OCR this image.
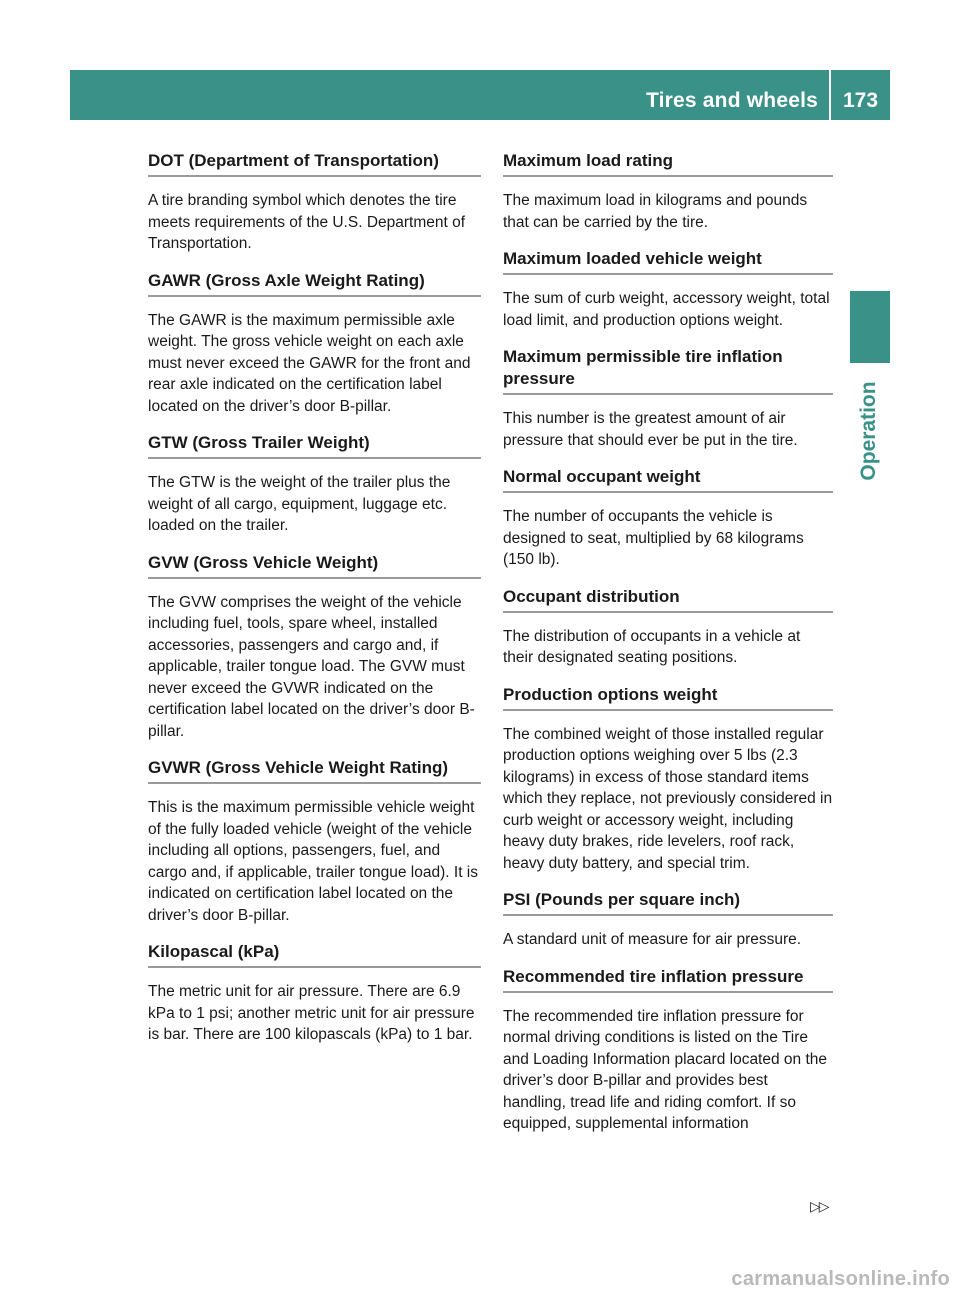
Tires and wheels	173
Operation
DOT (Department of Transportation)
A tire branding symbol which denotes the tire meets requirements of the U.S. Department of Transportation.
GAWR (Gross Axle Weight Rating)
The GAWR is the maximum permissible axle weight. The gross vehicle weight on each axle must never exceed the GAWR for the front and rear axle indicated on the certification label located on the driver’s door B-pillar.
GTW (Gross Trailer Weight)
The GTW is the weight of the trailer plus the weight of all cargo, equipment, luggage etc. loaded on the trailer.
GVW (Gross Vehicle Weight)
The GVW comprises the weight of the vehicle including fuel, tools, spare wheel, installed accessories, passengers and cargo and, if applicable, trailer tongue load. The GVW must never exceed the GVWR indicated on the certification label located on the driver’s door B-pillar.
GVWR (Gross Vehicle Weight Rating)
This is the maximum permissible vehicle weight of the fully loaded vehicle (weight of the vehicle including all options, passengers, fuel, and cargo and, if applicable, trailer tongue load). It is indicated on certification label located on the driver’s door B-pillar.
Kilopascal (kPa)
The metric unit for air pressure. There are 6.9 kPa to 1 psi; another metric unit for air pressure is bar. There are 100 kilopascals (kPa) to 1 bar.
Maximum load rating
The maximum load in kilograms and pounds that can be carried by the tire.
Maximum loaded vehicle weight
The sum of curb weight, accessory weight, total load limit, and production options weight.
Maximum permissible tire inflation pressure
This number is the greatest amount of air pressure that should ever be put in the tire.
Normal occupant weight
The number of occupants the vehicle is designed to seat, multiplied by 68 kilograms (150 lb).
Occupant distribution
The distribution of occupants in a vehicle at their designated seating positions.
Production options weight
The combined weight of those installed regular production options weighing over 5 lbs (2.3 kilograms) in excess of those standard items which they replace, not previously considered in curb weight or accessory weight, including heavy duty brakes, ride levelers, roof rack, heavy duty battery, and special trim.
PSI (Pounds per square inch)
A standard unit of measure for air pressure.
Recommended tire inflation pressure
The recommended tire inflation pressure for normal driving conditions is listed on the Tire and Loading Information placard located on the driver’s door B-pillar and provides best handling, tread life and riding comfort. If so equipped, supplemental information
▷▷
carmanualsonline.info
